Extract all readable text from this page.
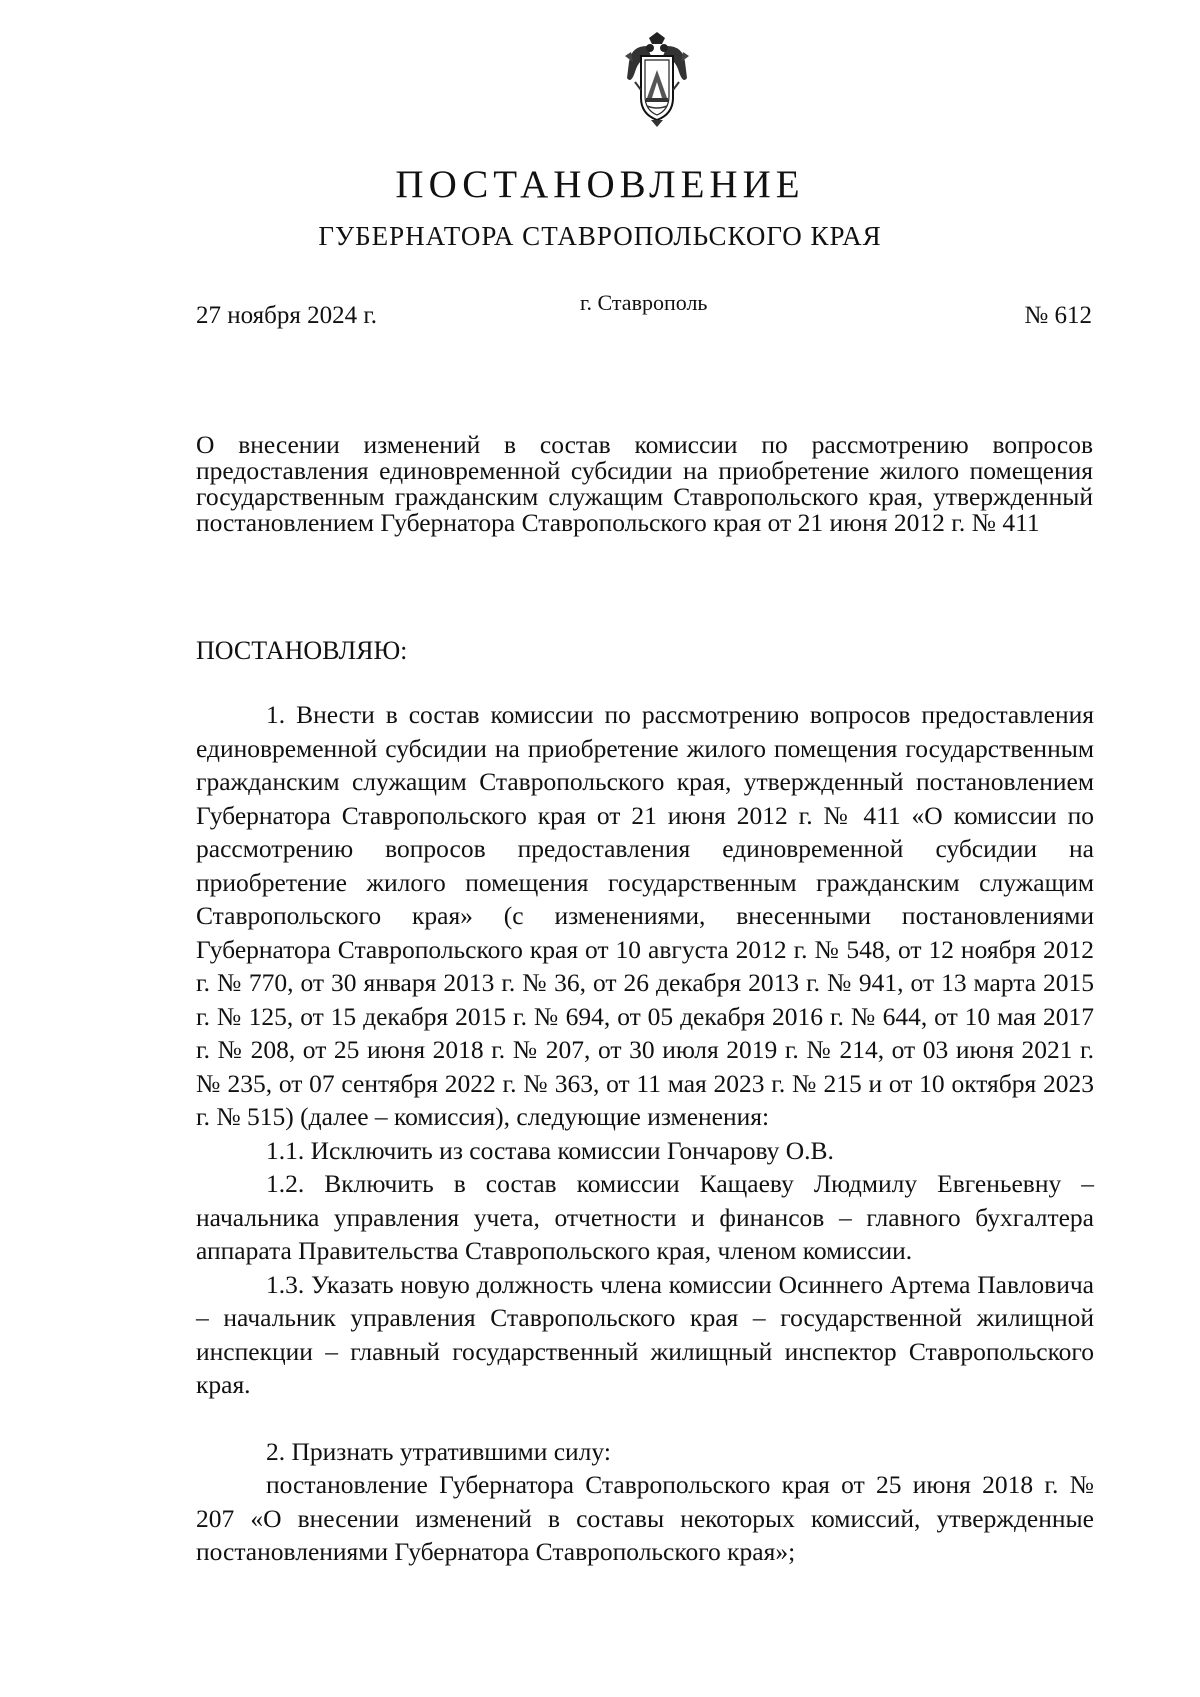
ПОСТАНОВЛЕНИЕ
ГУБЕРНАТОРА СТАВРОПОЛЬСКОГО КРАЯ
27 ноября 2024 г.	г. Ставрополь	№ 612
О внесении изменений в состав комиссии по рассмотрению вопросов предоставления единовременной субсидии на приобретение жилого помещения государственным гражданским служащим Ставропольского края, утвержденный постановлением Губернатора Ставропольского края от 21 июня 2012 г. № 411
ПОСТАНОВЛЯЮ:

1. Внести в состав комиссии по рассмотрению вопросов предоставления единовременной субсидии на приобретение жилого помещения государственным гражданским служащим Ставропольского края, утвержденный постановлением Губернатора Ставропольского края от 21 июня 2012 г. № 411 «О комиссии по рассмотрению вопросов предоставления единовременной субсидии на приобретение жилого помещения государственным гражданским служащим Ставропольского края» (с изменениями, внесенными постановлениями Губернатора Ставропольского края от 10 августа 2012 г. № 548, от 12 ноября 2012 г. № 770, от 30 января 2013 г. № 36, от 26 декабря 2013 г. № 941, от 13 марта 2015 г. № 125, от 15 декабря 2015 г. № 694, от 05 декабря 2016 г. № 644, от 10 мая 2017 г. № 208, от 25 июня 2018 г. № 207, от 30 июля 2019 г. № 214, от 03 июня 2021 г. № 235, от 07 сентября 2022 г. № 363, от 11 мая 2023 г. № 215 и от 10 октября 2023 г. № 515) (далее – комиссия), следующие изменения:

1.1. Исключить из состава комиссии Гончарову О.В.

1.2. Включить в состав комиссии Кащаеву Людмилу Евгеньевну – начальника управления учета, отчетности и финансов – главного бухгалтера аппарата Правительства Ставропольского края, членом комиссии.

1.3. Указать новую должность члена комиссии Осиннего Артема Павловича – начальник управления Ставропольского края – государственной жилищной инспекции – главный государственный жилищный инспектор Ставропольского края.

2. Признать утратившими силу:

постановление Губернатора Ставропольского края от 25 июня 2018 г. № 207 «О внесении изменений в составы некоторых комиссий, утвержденные постановлениями Губернатора Ставропольского края»;
